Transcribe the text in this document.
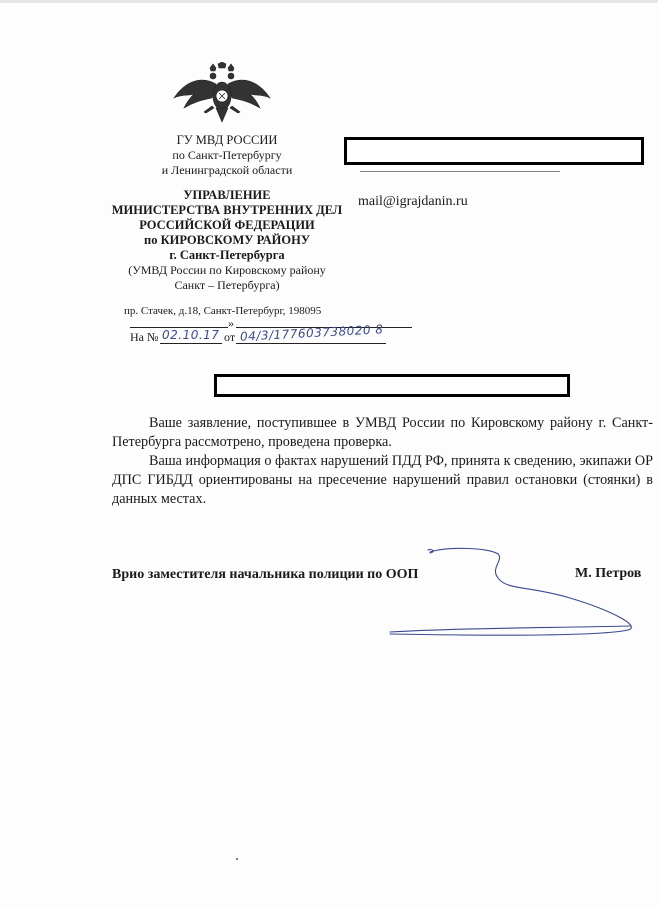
ГУ МВД РОССИИ
по Санкт-Петербургу
и Ленинградской области
УПРАВЛЕНИЕ
МИНИСТЕРСТВА ВНУТРЕННИХ ДЕЛ
РОССИЙСКОЙ ФЕДЕРАЦИИ
по КИРОВСКОМУ РАЙОНУ
г. Санкт-Петербурга
(УМВД России по Кировскому району
Санкт – Петербурга)
пр. Стачек, д.18, Санкт-Петербург, 198095
»
На № 02.10.17 от 04/3/177603738020 8
mail@igrajdanin.ru

Ваше заявление, поступившее в УМВД России по Кировскому району г. Санкт-Петербурга рассмотрено, проведена проверка.

Ваша информация о фактах нарушений ПДД РФ, принята к сведению, экипажи ОР ДПС ГИБДД ориентированы на пресечение нарушений правил остановки (стоянки) в данных местах.

Врио заместителя начальника полиции по ООП	М. Петров
